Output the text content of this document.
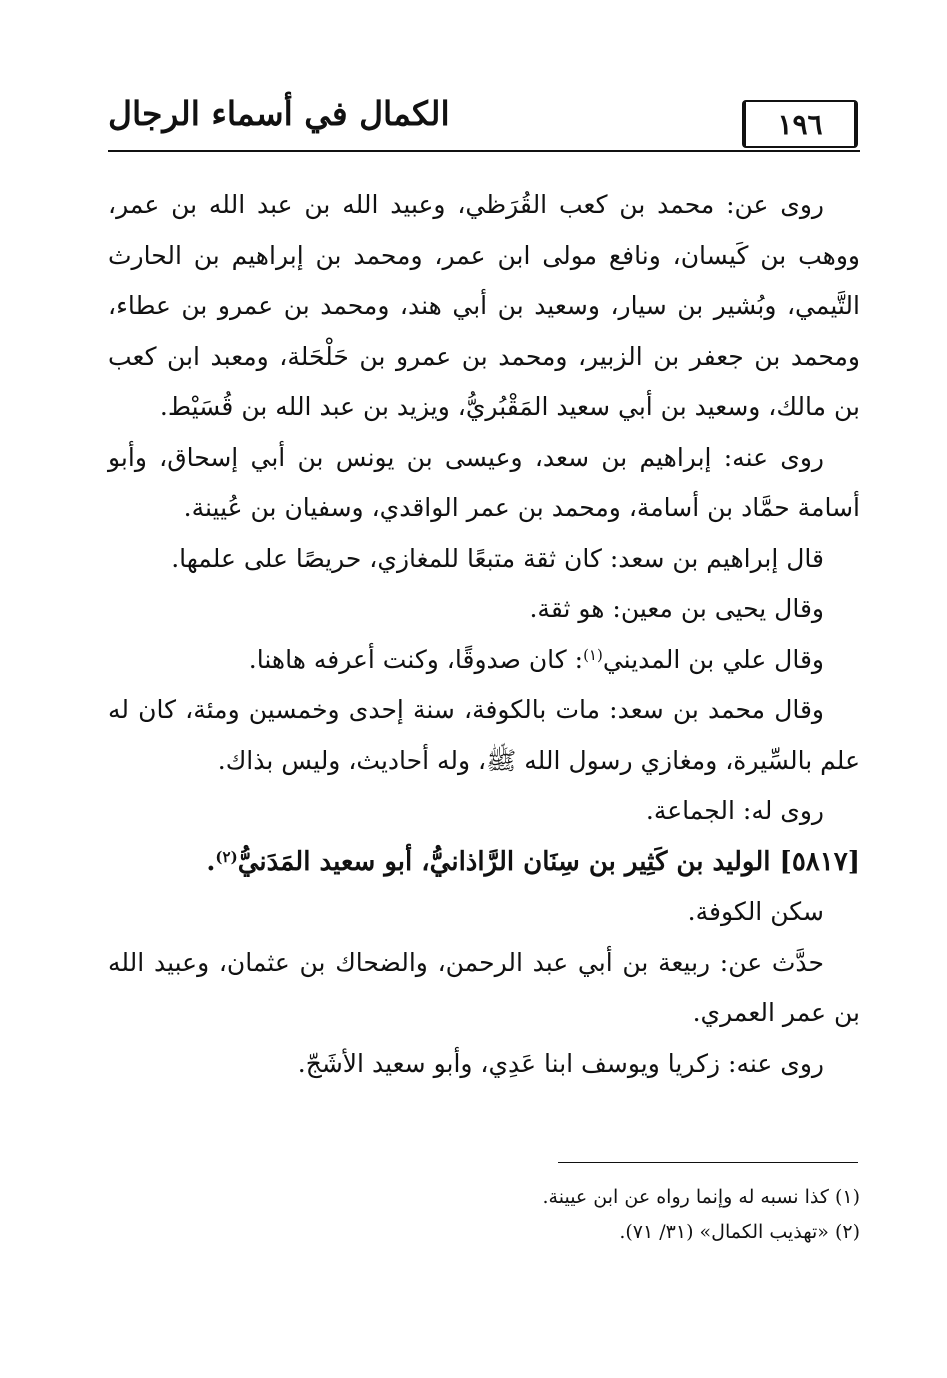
الكمال في أسماء الرجال	١٩٦

روى عن: محمد بن كعب القُرَظي، وعبيد الله بن عبد الله بن عمر، ووهب بن كَيسان، ونافع مولى ابن عمر، ومحمد بن إبراهيم بن الحارث التَّيمي، وبُشير بن سيار، وسعيد بن أبي هند، ومحمد بن عمرو بن عطاء، ومحمد بن جعفر بن الزبير، ومحمد بن عمرو بن حَلْحَلة، ومعبد ابن كعب بن مالك، وسعيد بن أبي سعيد المَقْبُريُّ، ويزيد بن عبد الله بن قُسَيْط.

روى عنه: إبراهيم بن سعد، وعيسى بن يونس بن أبي إسحاق، وأبو أسامة حمَّاد بن أسامة، ومحمد بن عمر الواقدي، وسفيان بن عُيينة.

قال إبراهيم بن سعد: كان ثقة متبعًا للمغازي، حريصًا على علمها.

وقال يحيى بن معين: هو ثقة.

وقال علي بن المديني$^{(١)}$: كان صدوقًا، وكنت أعرفه هاهنا.

وقال محمد بن سعد: مات بالكوفة، سنة إحدى وخمسين ومئة، كان له علم بالسِّيرة، ومغازي رسول الله ﷺ، وله أحاديث، وليس بذاك.

روى له: الجماعة.

[٥٨١٧] الوليد بن كَثِير بن سِنَان الرَّاذانيُّ، أبو سعيد المَدَنيُّ$^{(٢)}$.

سكن الكوفة.

حدَّث عن: ربيعة بن أبي عبد الرحمن، والضحاك بن عثمان، وعبيد الله بن عمر العمري.

روى عنه: زكريا ويوسف ابنا عَدِي، وأبو سعيد الأشَجّ.

(١) كذا نسبه له وإنما رواه عن ابن عيينة.

(٢) «تهذيب الكمال» (٣١/ ٧١).
